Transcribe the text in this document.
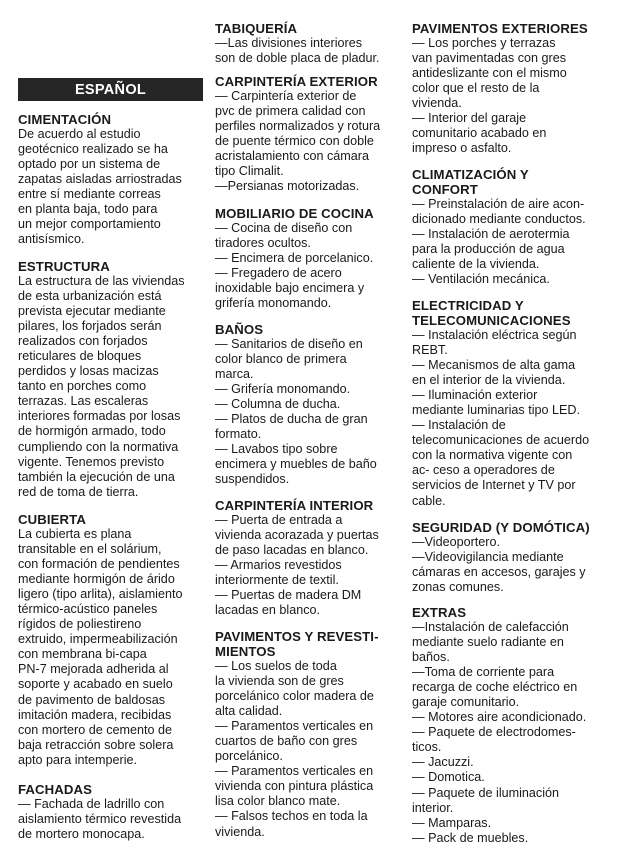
ESPAÑOL
CIMENTACIÓN
De acuerdo al estudio
geotécnico realizado se ha
optado por un sistema de
zapatas aisladas arriostradas
entre sí mediante correas
en planta baja, todo para
un mejor comportamiento
antisísmico.
ESTRUCTURA
La estructura de las viviendas
de esta urbanización está
prevista ejecutar mediante
pilares, los forjados serán
realizados con forjados
reticulares de bloques
perdidos y losas macizas
tanto en porches como
terrazas. Las escaleras
interiores formadas por losas
de hormigón armado, todo
cumpliendo con la normativa
vigente. Tenemos previsto
también la ejecución de una
red de toma de tierra.
CUBIERTA
La cubierta es plana
transitable en el solárium,
con formación de pendientes
mediante hormigón de árido
ligero (tipo arlita), aislamiento
térmico-acústico paneles
rígidos de poliestireno
extruido, impermeabilización
con membrana bi-capa
PN-7 mejorada adherida al
soporte y acabado en suelo
de pavimento de baldosas
imitación madera, recibidas
con mortero de cemento de
baja retracción sobre solera
apto para intemperie.
FACHADAS
— Fachada de ladrillo con
aislamiento térmico revestida
de mortero monocapa.
TABIQUERÍA
—Las divisiones interiores
son de doble placa de pladur.
CARPINTERÍA EXTERIOR
— Carpintería exterior de
pvc de primera calidad con
perfiles normalizados y rotura
de puente térmico con doble
acristalamiento con cámara
tipo Climalit.
—Persianas motorizadas.
MOBILIARIO DE COCINA
— Cocina de diseño con
tiradores ocultos.
— Encimera de porcelanico.
— Fregadero de acero
inoxidable bajo encimera y
grifería monomando.
BAÑOS
— Sanitarios de diseño en
color blanco de primera
marca.
— Grifería monomando.
— Columna de ducha.
— Platos de ducha de gran
formato.
— Lavabos tipo sobre
encimera y muebles de baño
suspendidos.
CARPINTERÍA INTERIOR
— Puerta de entrada a
vivienda acorazada y puertas
de paso lacadas en blanco.
— Armarios revestidos
interiormente de textil.
— Puertas de madera DM
lacadas en blanco.
PAVIMENTOS Y REVESTI-
MIENTOS
— Los suelos de toda
la vivienda son de gres
porcelánico color madera de
alta calidad.
— Paramentos verticales en
cuartos de baño con gres
porcelánico.
— Paramentos verticales en
vivienda con pintura plástica
lisa color blanco mate.
— Falsos techos en toda la
vivienda.
PAVIMENTOS EXTERIORES
— Los porches y terrazas
van pavimentadas con gres
antideslizante con el mismo
color que el resto de la
vivienda.
— Interior del garaje
comunitario acabado en
impreso o asfalto.
CLIMATIZACIÓN Y
CONFORT
— Preinstalación de aire acon-
dicionado mediante conductos.
— Instalación de aerotermia
para la producción de agua
caliente de la vivienda.
— Ventilación mecánica.
ELECTRICIDAD Y
TELECOMUNICACIONES
— Instalación eléctrica según
REBT.
— Mecanismos de alta gama
en el interior de la vivienda.
— Iluminación exterior
mediante luminarias tipo LED.
— Instalación de
telecomunicaciones de acuerdo
con la normativa vigente con
ac- ceso a operadores de
servicios de Internet y TV por
cable.
SEGURIDAD (Y DOMÓTICA)
—Videoportero.
—Videovigilancia mediante
cámaras en accesos, garajes y
zonas comunes.
EXTRAS
—Instalación de calefacción
mediante suelo radiante en
baños.
—Toma de corriente para
recarga de coche eléctrico en
garaje comunitario.
— Motores aire acondicionado.
— Paquete de electrodomes-
ticos.
— Jacuzzi.
— Domotica.
— Paquete de iluminación
interior.
— Mamparas.
— Pack de muebles.
